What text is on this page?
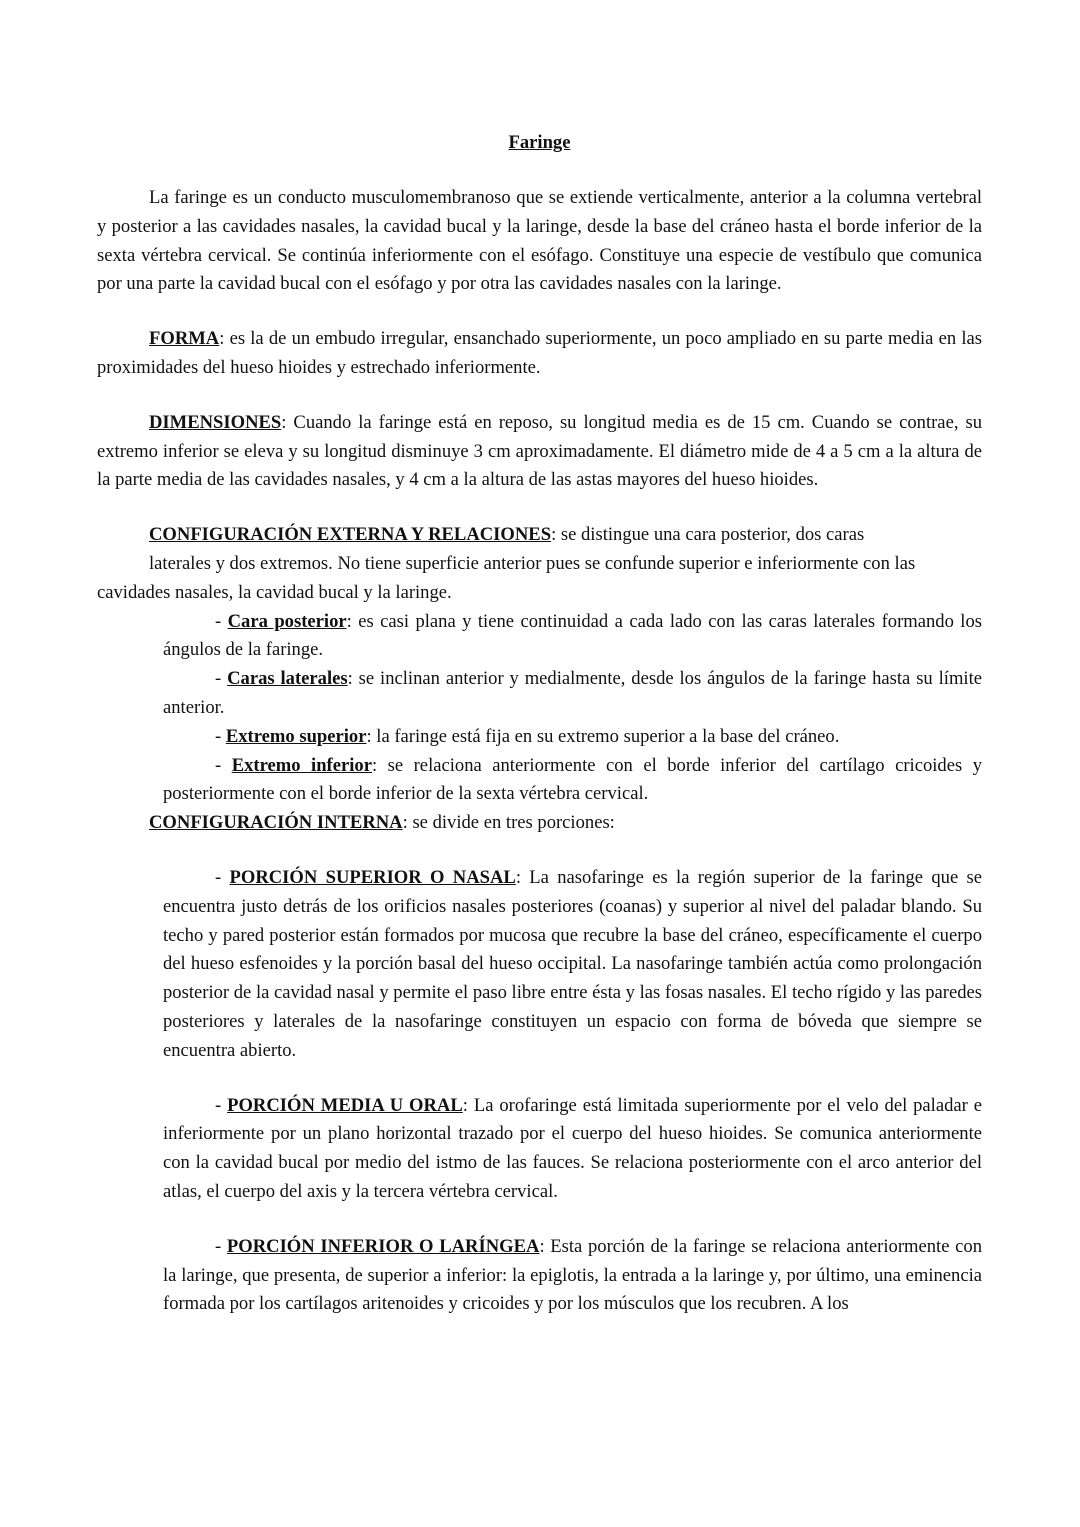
Faringe

La faringe es un conducto musculomembranoso que se extiende verticalmente, anterior a la columna vertebral y posterior a las cavidades nasales, la cavidad bucal y la laringe, desde la base del cráneo hasta el borde inferior de la sexta vértebra cervical. Se continúa inferiormente con el esófago. Constituye una especie de vestíbulo que comunica por una parte la cavidad bucal con el esófago y por otra las cavidades nasales con la laringe.

FORMA: es la de un embudo irregular, ensanchado superiormente, un poco ampliado en su parte media en las proximidades del hueso hioides y estrechado inferiormente.

DIMENSIONES: Cuando la faringe está en reposo, su longitud media es de 15 cm. Cuando se contrae, su extremo inferior se eleva y su longitud disminuye 3 cm aproximadamente. El diámetro mide de 4 a 5 cm a la altura de la parte media de las cavidades nasales, y 4 cm a la altura de las astas mayores del hueso hioides.

CONFIGURACIÓN EXTERNA Y RELACIONES: se distingue una cara posterior, dos caras

laterales y dos extremos. No tiene superficie anterior pues se confunde superior e inferiormente con las

cavidades nasales, la cavidad bucal y la laringe.

- Cara posterior: es casi plana y tiene continuidad a cada lado con las caras laterales formando los ángulos de la faringe.

- Caras laterales: se inclinan anterior y medialmente, desde los ángulos de la faringe hasta su límite anterior.

- Extremo superior: la faringe está fija en su extremo superior a la base del cráneo.

- Extremo inferior: se relaciona anteriormente con el borde inferior del cartílago cricoides y posteriormente con el borde inferior de la sexta vértebra cervical.

CONFIGURACIÓN INTERNA: se divide en tres porciones:

- PORCIÓN SUPERIOR O NASAL: La nasofaringe es la región superior de la faringe que se encuentra justo detrás de los orificios nasales posteriores (coanas) y superior al nivel del paladar blando. Su techo y pared posterior están formados por mucosa que recubre la base del cráneo, específicamente el cuerpo del hueso esfenoides y la porción basal del hueso occipital. La nasofaringe también actúa como prolongación posterior de la cavidad nasal y permite el paso libre entre ésta y las fosas nasales. El techo rígido y las paredes posteriores y laterales de la nasofaringe constituyen un espacio con forma de bóveda que siempre se encuentra abierto.

- PORCIÓN MEDIA U ORAL: La orofaringe está limitada superiormente por el velo del paladar e inferiormente por un plano horizontal trazado por el cuerpo del hueso hioides. Se comunica anteriormente con la cavidad bucal por medio del istmo de las fauces. Se relaciona posteriormente con el arco anterior del atlas, el cuerpo del axis y la tercera vértebra cervical.

- PORCIÓN INFERIOR O LARÍNGEA: Esta porción de la faringe se relaciona anteriormente con la laringe, que presenta, de superior a inferior: la epiglotis, la entrada a la laringe y, por último, una eminencia formada por los cartílagos aritenoides y cricoides y por los músculos que los recubren. A los
